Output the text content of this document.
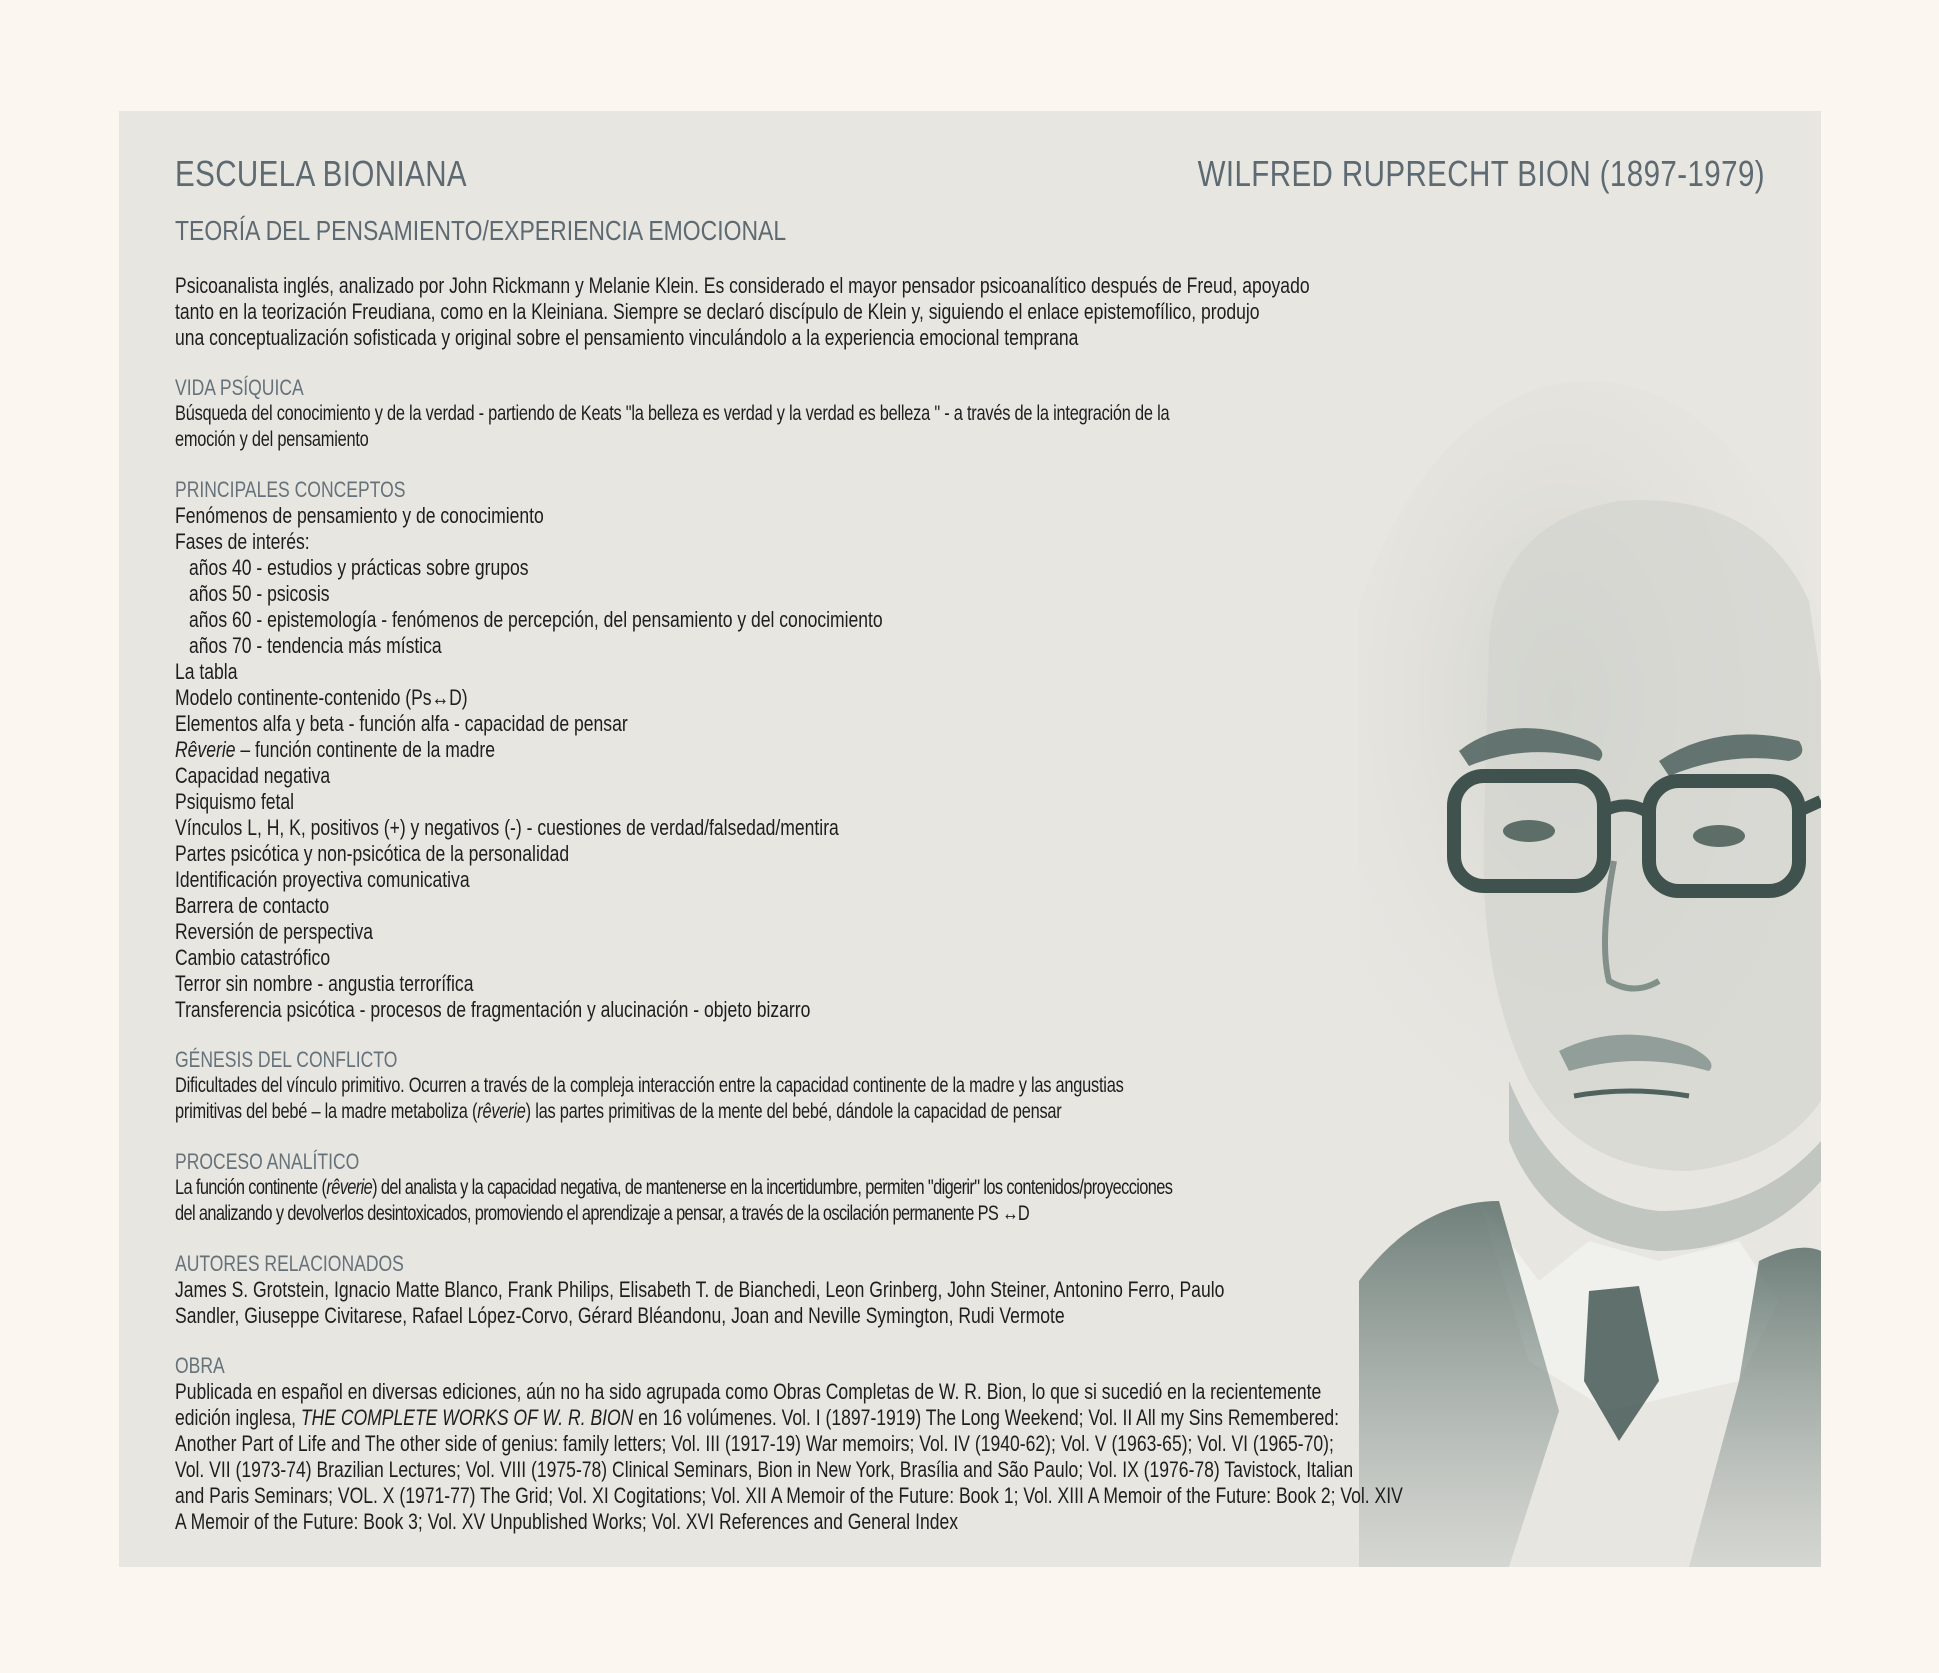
ESCUELA BIONIANA
TEORÍA DEL PENSAMIENTO/EXPERIENCIA EMOCIONAL
WILFRED RUPRECHT BION (1897-1979)
Psicoanalista inglés, analizado por John Rickmann y Melanie Klein. Es considerado el mayor pensador psicoanalítico después de Freud, apoyado
tanto en la teorización Freudiana, como en la Kleiniana. Siempre se declaró discípulo de Klein y, siguiendo el enlace epistemofílico, produjo
una conceptualización sofisticada y original sobre el pensamiento vinculándolo a la experiencia emocional temprana
VIDA PSÍQUICA
Búsqueda del conocimiento y de la verdad - partiendo de Keats "la belleza es verdad y la verdad es belleza " - a través de la integración de la
emoción y del pensamiento
PRINCIPALES CONCEPTOS
Fenómenos de pensamiento y de conocimiento
Fases de interés:
años 40 - estudios y prácticas sobre grupos
años 50 - psicosis
años 60 - epistemología - fenómenos de percepción, del pensamiento y del conocimiento
años 70 - tendencia más mística
La tabla
Modelo continente-contenido (Ps↔D)
Elementos alfa y beta - función alfa - capacidad de pensar
Rêverie – función continente de la madre
Capacidad negativa
Psiquismo fetal
Vínculos L, H, K, positivos (+) y negativos (-) - cuestiones de verdad/falsedad/mentira
Partes psicótica y non-psicótica de la personalidad
Identificación proyectiva comunicativa
Barrera de contacto
Reversión de perspectiva
Cambio catastrófico
Terror sin nombre - angustia terrorífica
Transferencia psicótica - procesos de fragmentación y alucinación - objeto bizarro
GÉNESIS DEL CONFLICTO
Dificultades del vínculo primitivo. Ocurren a través de la compleja interacción entre la capacidad continente de la madre y las angustias
primitivas del bebé – la madre metaboliza (rêverie) las partes primitivas de la mente del bebé, dándole la capacidad de pensar
PROCESO ANALÍTICO
La función continente (rêverie) del analista y la capacidad negativa, de mantenerse en la incertidumbre, permiten "digerir" los contenidos/proyecciones
del analizando y devolverlos desintoxicados, promoviendo el aprendizaje a pensar, a través de la oscilación permanente PS ↔D
AUTORES RELACIONADOS
James S. Grotstein, Ignacio Matte Blanco, Frank Philips, Elisabeth T. de Bianchedi, Leon Grinberg, John Steiner, Antonino Ferro, Paulo
Sandler, Giuseppe Civitarese, Rafael López-Corvo, Gérard Bléandonu, Joan and Neville Symington, Rudi Vermote
OBRA
Publicada en español en diversas ediciones, aún no ha sido agrupada como Obras Completas de W. R. Bion, lo que si sucedió en la recientemente
edición inglesa, THE COMPLETE WORKS OF W. R. BION en 16 volúmenes. Vol. I (1897-1919) The Long Weekend; Vol. II All my Sins Remembered:
Another Part of Life and The other side of genius: family letters; Vol. III (1917-19) War memoirs; Vol. IV (1940-62); Vol. V (1963-65); Vol. VI (1965-70);
Vol. VII (1973-74) Brazilian Lectures; Vol. VIII (1975-78) Clinical Seminars, Bion in New York, Brasília and São Paulo; Vol. IX (1976-78) Tavistock, Italian
and Paris Seminars; VOL. X (1971-77) The Grid; Vol. XI Cogitations; Vol. XII A Memoir of the Future: Book 1; Vol. XIII A Memoir of the Future: Book 2; Vol. XIV
A Memoir of the Future: Book 3; Vol. XV Unpublished Works; Vol. XVI References and General Index
